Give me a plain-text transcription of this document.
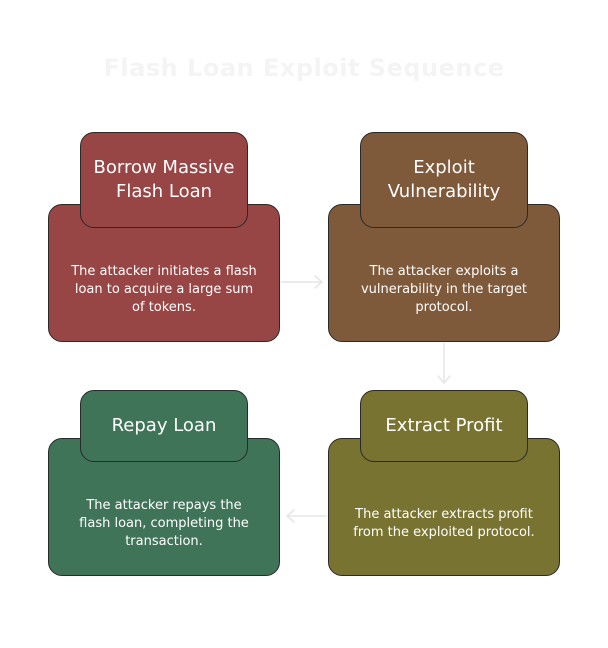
Flash Loan Exploit Sequence
The attacker initiates a flash loan to acquire a large sum of tokens.
Borrow Massive Flash Loan
The attacker exploits a vulnerability in the target protocol.
Exploit Vulnerability
The attacker extracts profit from the exploited protocol.
Extract Profit
The attacker repays the flash loan, completing the transaction.
Repay Loan
